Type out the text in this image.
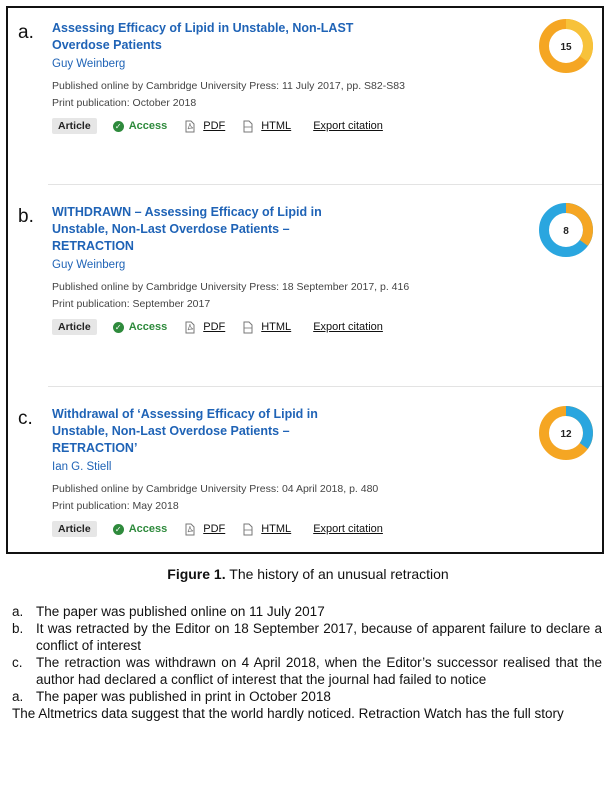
a. Assessing Efficacy of Lipid in Unstable, Non-LAST
Overdose Patients

Guy Weinberg
Published online by Cambridge University Press: 11 July 2017, pp. S82-S83
Print publication: October 2018
Article	✓ Access	PDF	HTML Export citation
b. WITHDRAWN – Assessing Efficacy of Lipid in
Unstable, Non-Last Overdose Patients –
RETRACTION

Guy Weinberg
Published online by Cambridge University Press: 18 September 2017, p. 416
Print publication: September 2017
Article	✓ Access	PDF	HTML Export citation
c. Withdrawal of ‘Assessing Efficacy of Lipid in
Unstable, Non-Last Overdose Patients –
RETRACTION’

Ian G. Stiell
Published online by Cambridge University Press: 04 April 2018, p. 480
Print publication: May 2018
Article	✓ Access	PDF	HTML Export citation
15
8
12
Figure 1. The history of an unusual retraction
a. The paper was published online on 11 July 2017
b. It was retracted by the Editor on 18 September 2017, because of apparent failure to declare a conflict of interest
c. The retraction was withdrawn on 4 April 2018, when the Editor’s successor realised that the author had declared a conflict of interest that the journal had failed to notice
a. The paper was published in print in October 2018
The Altmetrics data suggest that the world hardly noticed. Retraction Watch has the full story
